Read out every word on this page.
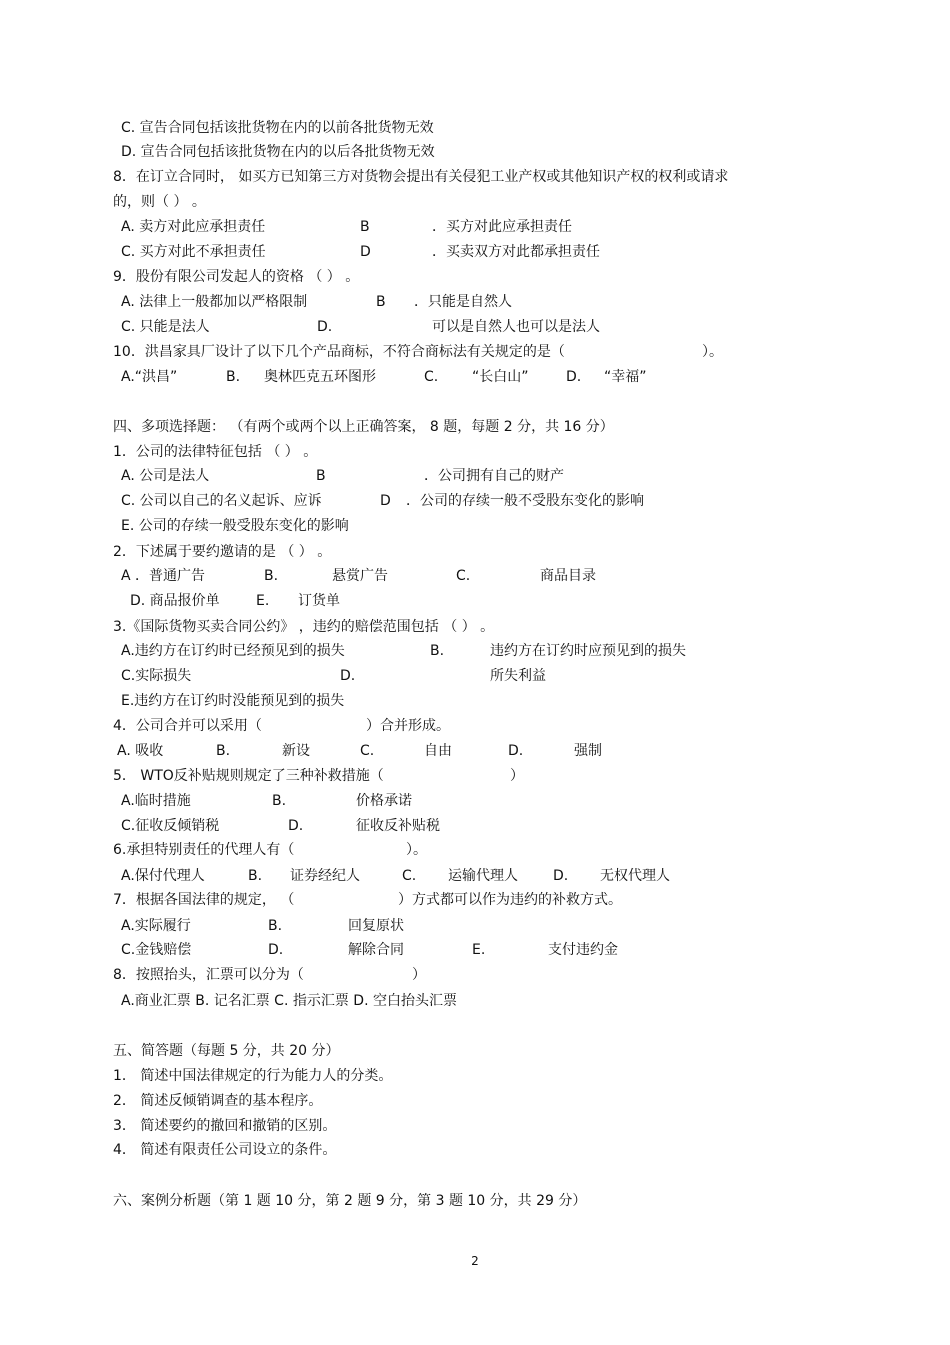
C. 宣告合同包括该批货物在内的以前各批货物无效
D. 宣告合同包括该批货物在内的以后各批货物无效
8．在订立合同时， 如买方已知第三方对货物会提出有关侵犯工业产权或其他知识产权的权利或请求
的，则（ ） 。
A. 卖方对此应承担责任	B	．买方对此应承担责任
C. 买方对此不承担责任	D	．买卖双方对此都承担责任
9．股份有限公司发起人的资格 （ ） 。
A. 法律上一般都加以严格限制	B ．只能是自然人
C. 只能是法人	D.	可以是自然人也可以是法人
10．洪昌家具厂设计了以下几个产品商标，不符合商标法有关规定的是（	）。
A.“洪昌”	B. 奥林匹克五环图形	C. “长白山”	D. “幸福”
四、多项选择题： （有两个或两个以上正确答案， 8 题，每题 2 分，共 16 分）
1．公司的法律特征包括 （ ） 。
A. 公司是法人	B	．公司拥有自己的财产
C. 公司以自己的名义起诉、应诉	D ．公司的存续一般不受股东变化的影响
E. 公司的存续一般受股东变化的影响
2．下述属于要约邀请的是 （ ） 。
A ．普通广告	B.	悬赏广告	C.	商品目录
D. 商品报价单	E. 订货单
3.《国际货物买卖合同公约》 ，违约的赔偿范围包括 （ ） 。
A.违约方在订约时已经预见到的损失	B.	违约方在订约时应预见到的损失
C.实际损失	D.	所失利益
E.违约方在订约时没能预见到的损失
4．公司合并可以采用（	）合并形成。
A. 吸收	B.	新设	C.	自由	D.	强制
5． WTO反补贴规则规定了三种补救措施（	）
A.临时措施	B.	价格承诺
C.征收反倾销税	D.	征收反补贴税
6.承担特别责任的代理人有（	）。
A.保付代理人	B. 证券经纪人	C. 运输代理人	D. 无权代理人
7．根据各国法律的规定， （	）方式都可以作为违约的补救方式。
A.实际履行	B.	回复原状
C.金钱赔偿	D.	解除合同	E.	支付违约金
8．按照抬头，汇票可以分为（	）
A.商业汇票 B. 记名汇票 C. 指示汇票 D. 空白抬头汇票
五、简答题（每题 5 分，共 20 分）
1． 简述中国法律规定的行为能力人的分类。
2． 简述反倾销调查的基本程序。
3． 简述要约的撤回和撤销的区别。
4． 简述有限责任公司设立的条件。
六、案例分析题（第 1 题 10 分，第 2 题 9 分，第 3 题 10 分，共 29 分）
2
